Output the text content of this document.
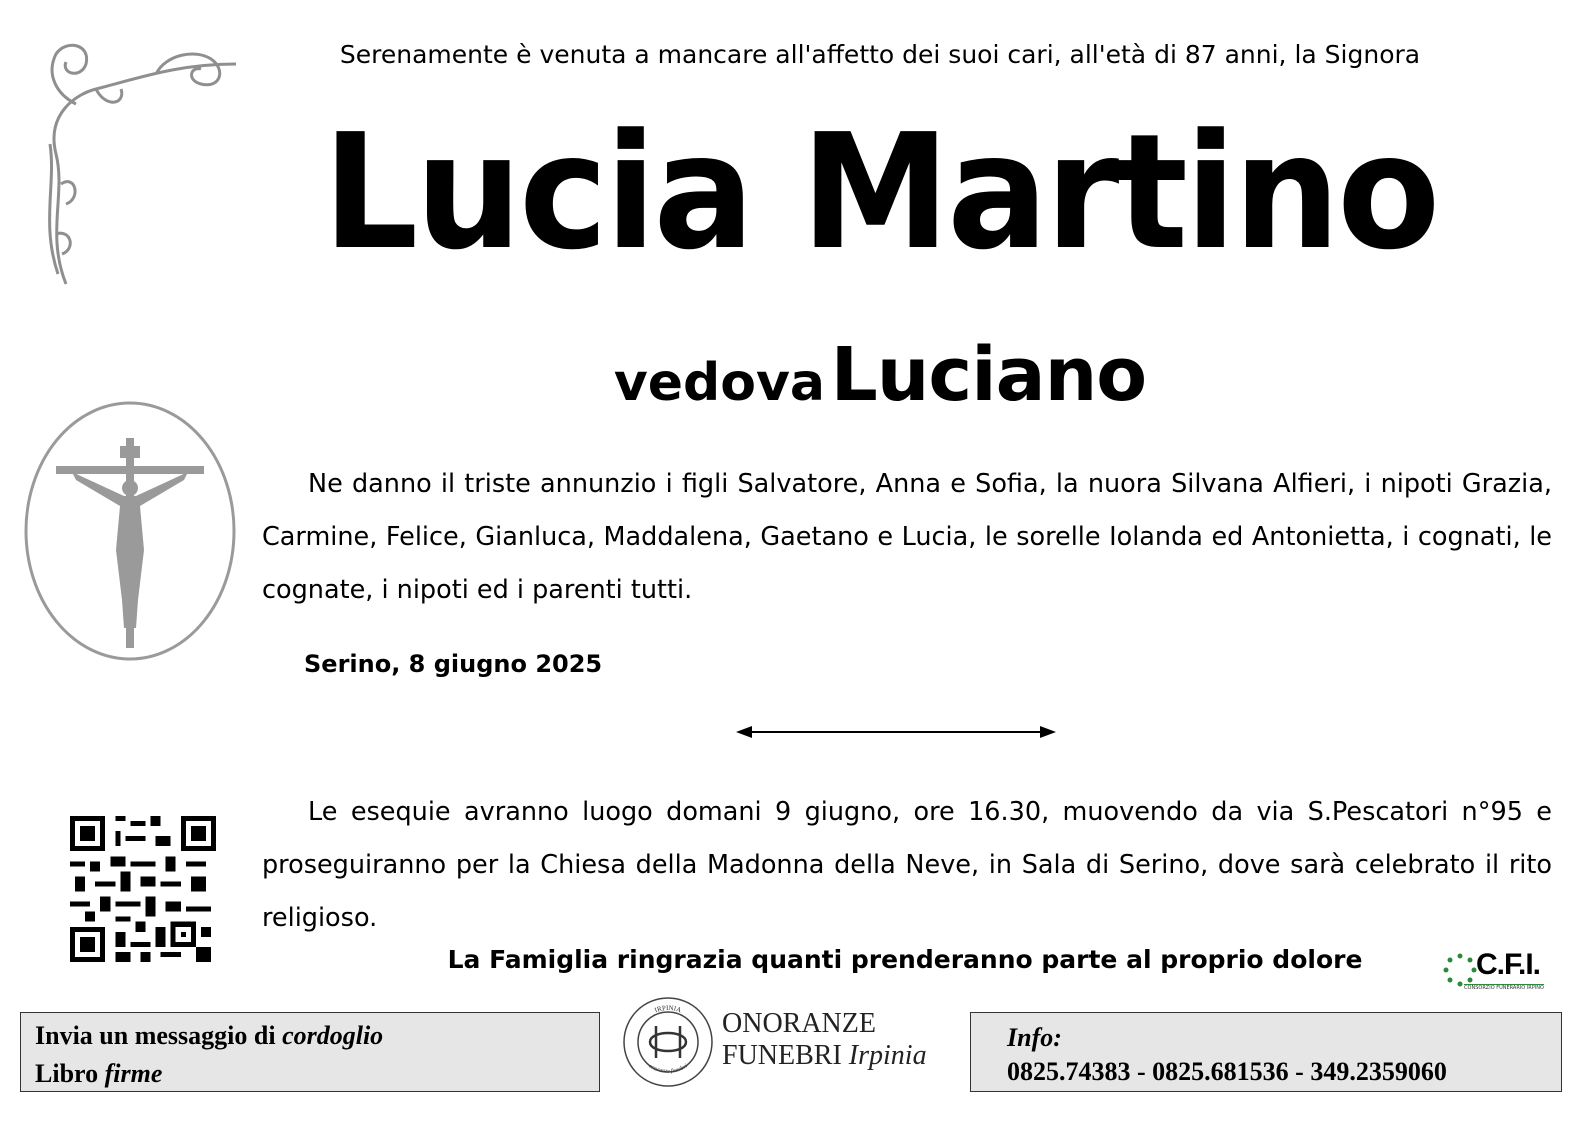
Serenamente è venuta a mancare all'affetto dei suoi cari, all'età di 87 anni, la Signora
Lucia Martino
vedova Luciano
Ne danno il triste annunzio i figli Salvatore, Anna e Sofia, la nuora Silvana Alfieri, i nipoti Grazia, Carmine, Felice, Gianluca, Maddalena, Gaetano e Lucia, le sorelle Iolanda ed Antonietta, i cognati, le cognate, i nipoti ed i parenti tutti.
Serino, 8 giugno 2025
Le esequie avranno luogo domani 9 giugno, ore 16.30, muovendo da via S.Pescatori n°95 e proseguiranno per la Chiesa della Madonna della Neve, in Sala di Serino, dove sarà celebrato il rito religioso.
La Famiglia ringrazia quanti prenderanno parte al proprio dolore	C.F.I.
CONSORZIO FUNERARIO IRPINO
Invia un messaggio di cordoglio
Libro firme
IRPINIA
onoranze funebri
ONORANZE
FUNEBRI Irpinia
Info:
0825.74383 - 0825.681536 - 349.2359060
